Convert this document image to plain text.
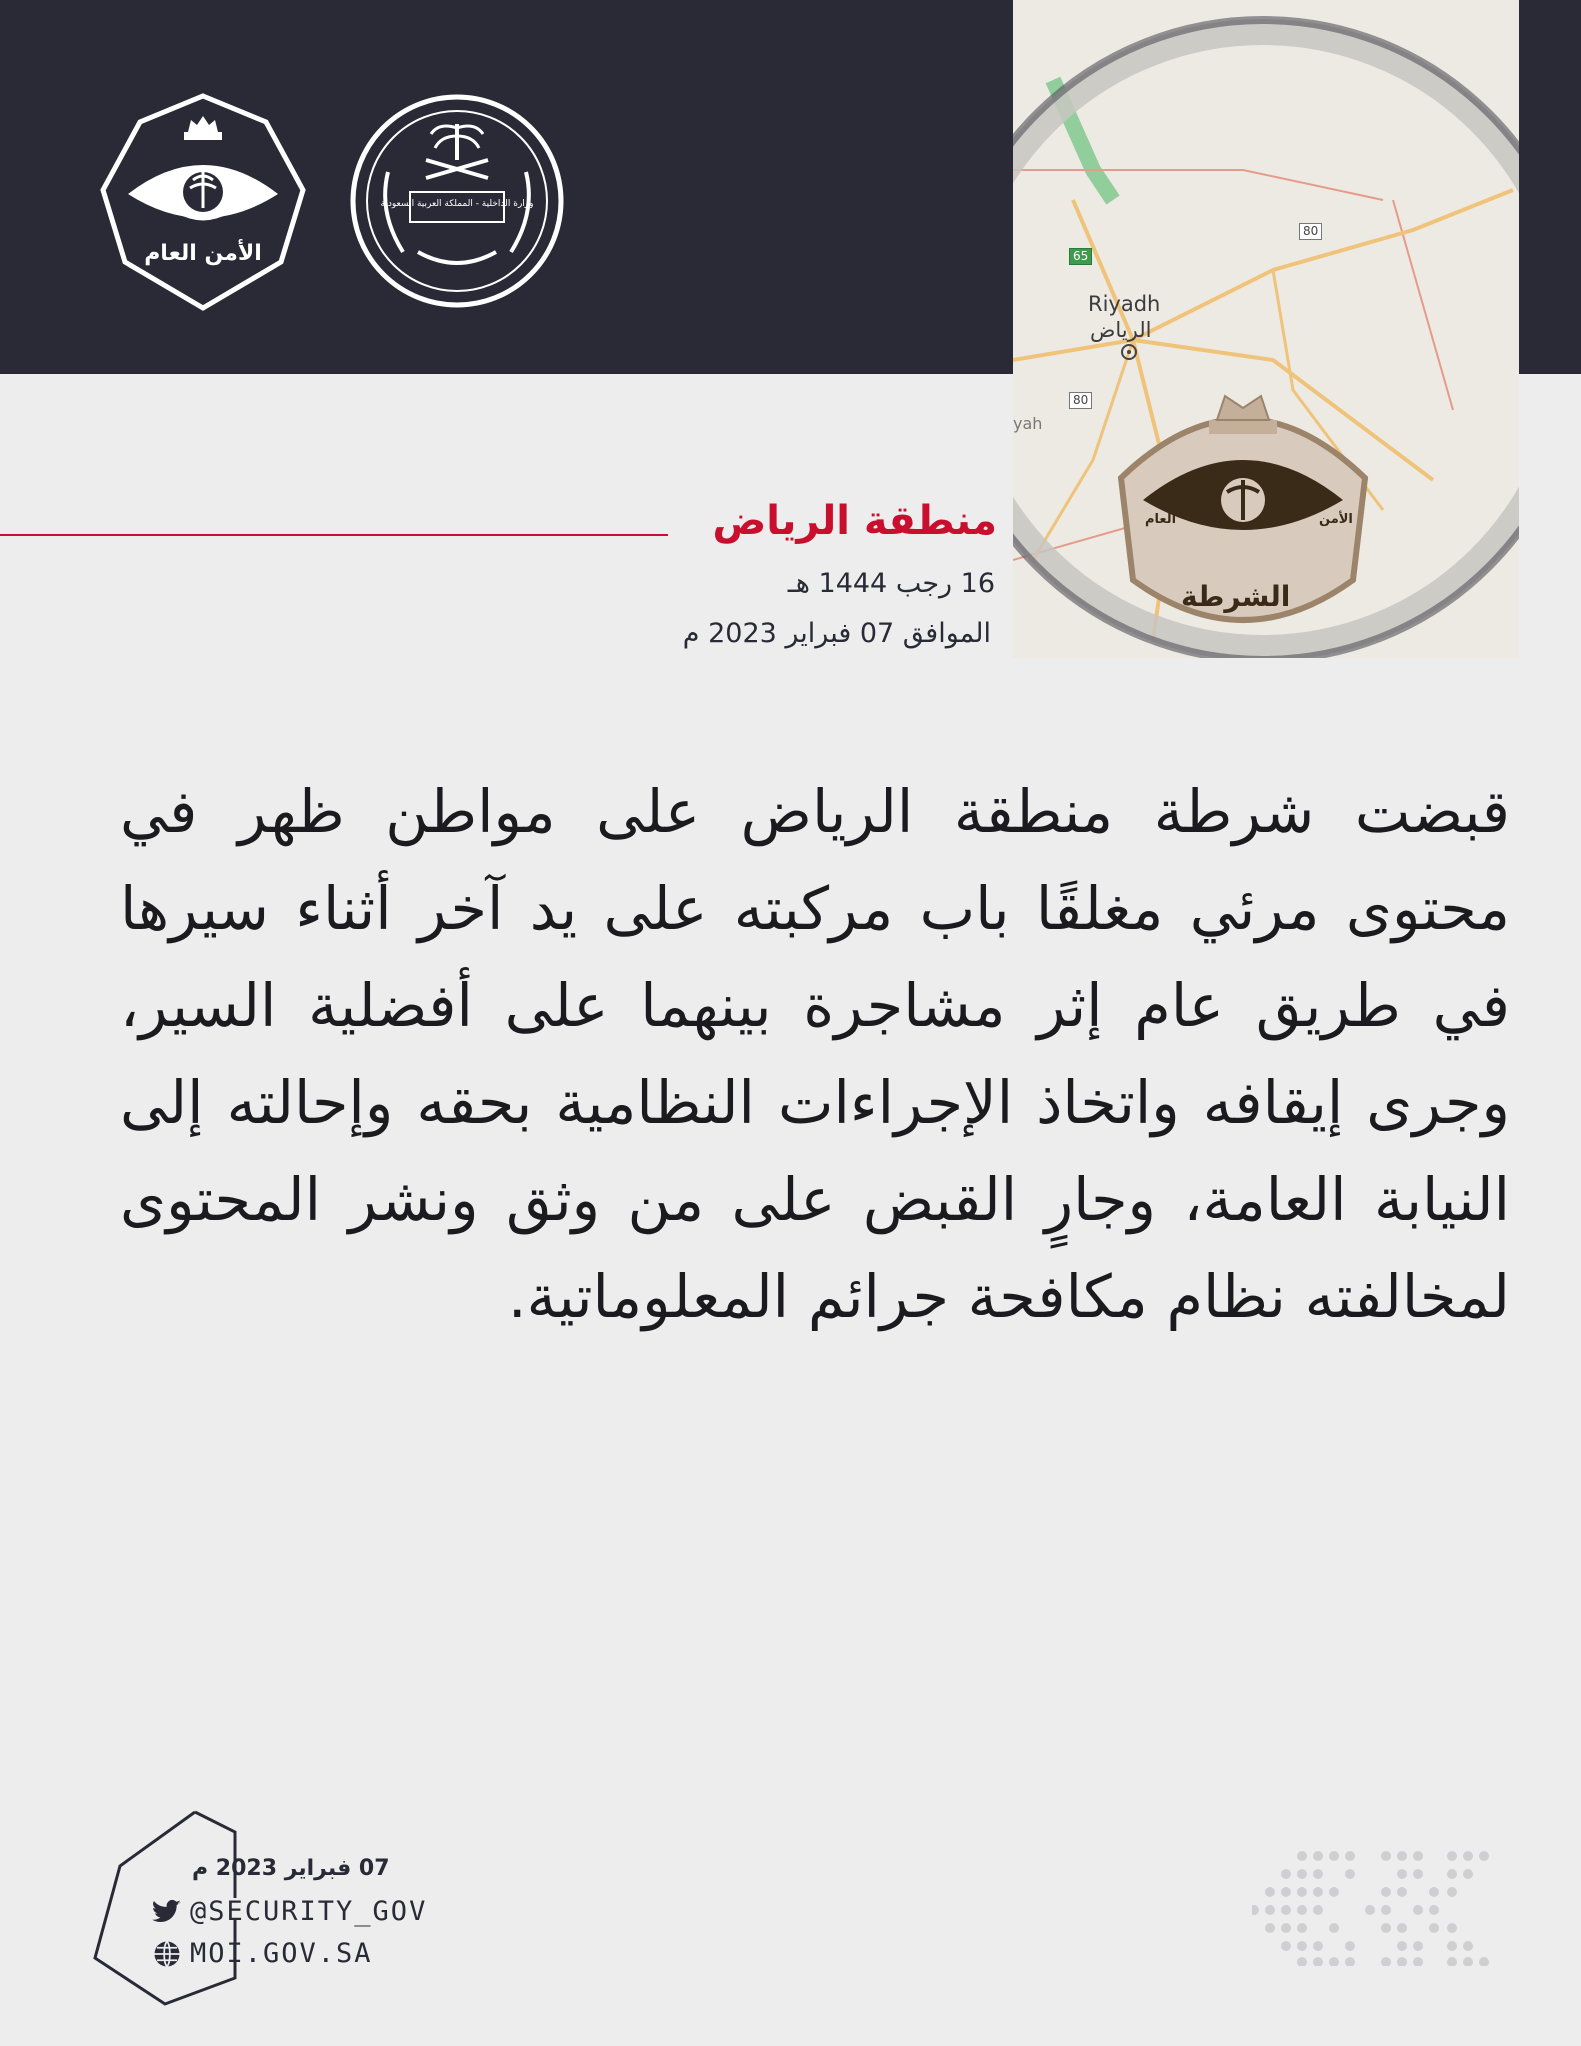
الأمن العام
وزارة الداخلية - المملكة العربية السعودية
Riyadh
الرياض
yah
80
80
65
الشرطة
العام	الأمن
منطقة الرياض
16 رجب 1444 هـ
الموافق 07 فبراير 2023 م

قبضت شرطة منطقة الرياض على مواطن ظهر في محتوى مرئي مغلقًا باب مركبته على يد آخر أثناء سيرها في طريق عام إثر مشاجرة بينهما على أفضلية السير، وجرى إيقافه واتخاذ الإجراءات النظامية بحقه وإحالته إلى النيابة العامة، وجارٍ القبض على من وثق ونشر المحتوى لمخالفته نظام مكافحة جرائم المعلوماتية.

07 فبراير 2023 م
@SECURITY_GOV
MOI.GOV.SA
